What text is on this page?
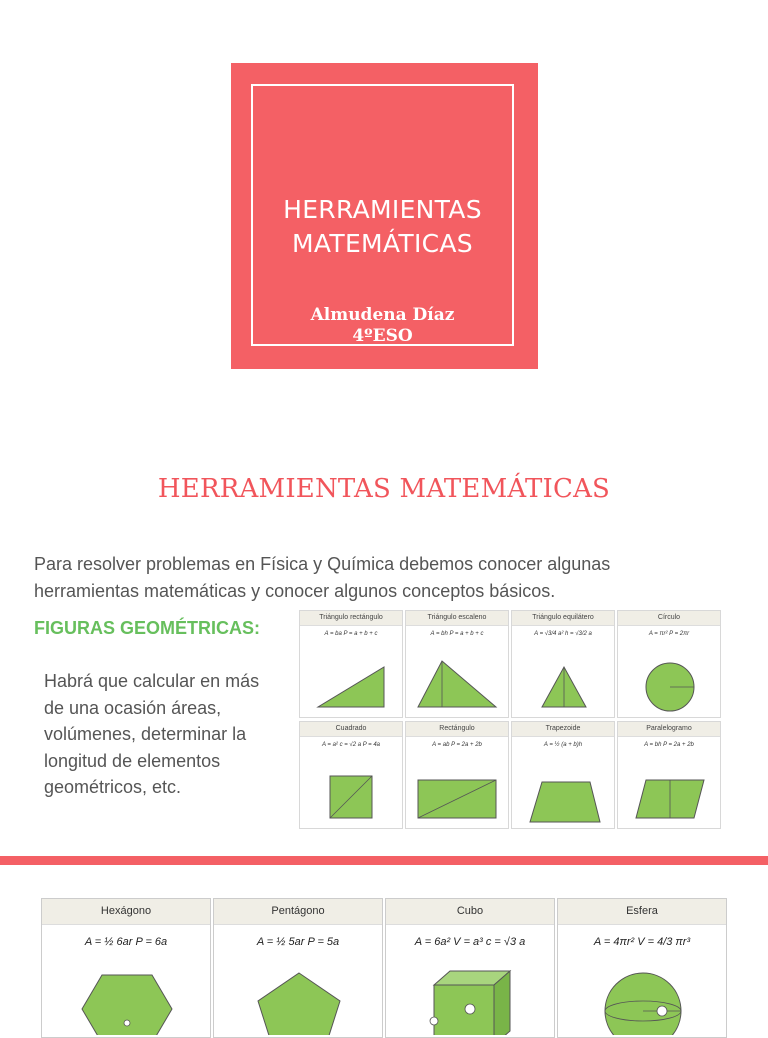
HERRAMIENTAS
MATEMÁTICAS
Almudena Díaz
4ºESO
HERRAMIENTAS MATEMÁTICAS
Para resolver problemas en Física y Química debemos conocer algunas herramientas matemáticas y conocer algunos conceptos básicos.
FIGURAS GEOMÉTRICAS:
Habrá que calcular en más de una ocasión áreas, volúmenes, determinar la longitud de elementos geométricos, etc.
Triángulo rectángulo
A = ba P = a + b + c
Triángulo escaleno
A = bh P = a + b + c
Triángulo equilátero
A = √3/4 a² h = √3/2 a
Círculo
A = πr² P = 2πr
Cuadrado
A = a² c = √2 a P = 4a
Rectángulo
A = ab P = 2a + 2b
Trapezoide
A = ½ (a + b)h
Paralelogramo
A = bh P = 2a + 2b
Hexágono
A = ½ 6ar P = 6a
Pentágono
A = ½ 5ar P = 5a
Cubo
A = 6a² V = a³ c = √3 a
Esfera
A = 4πr² V = 4/3 πr³
